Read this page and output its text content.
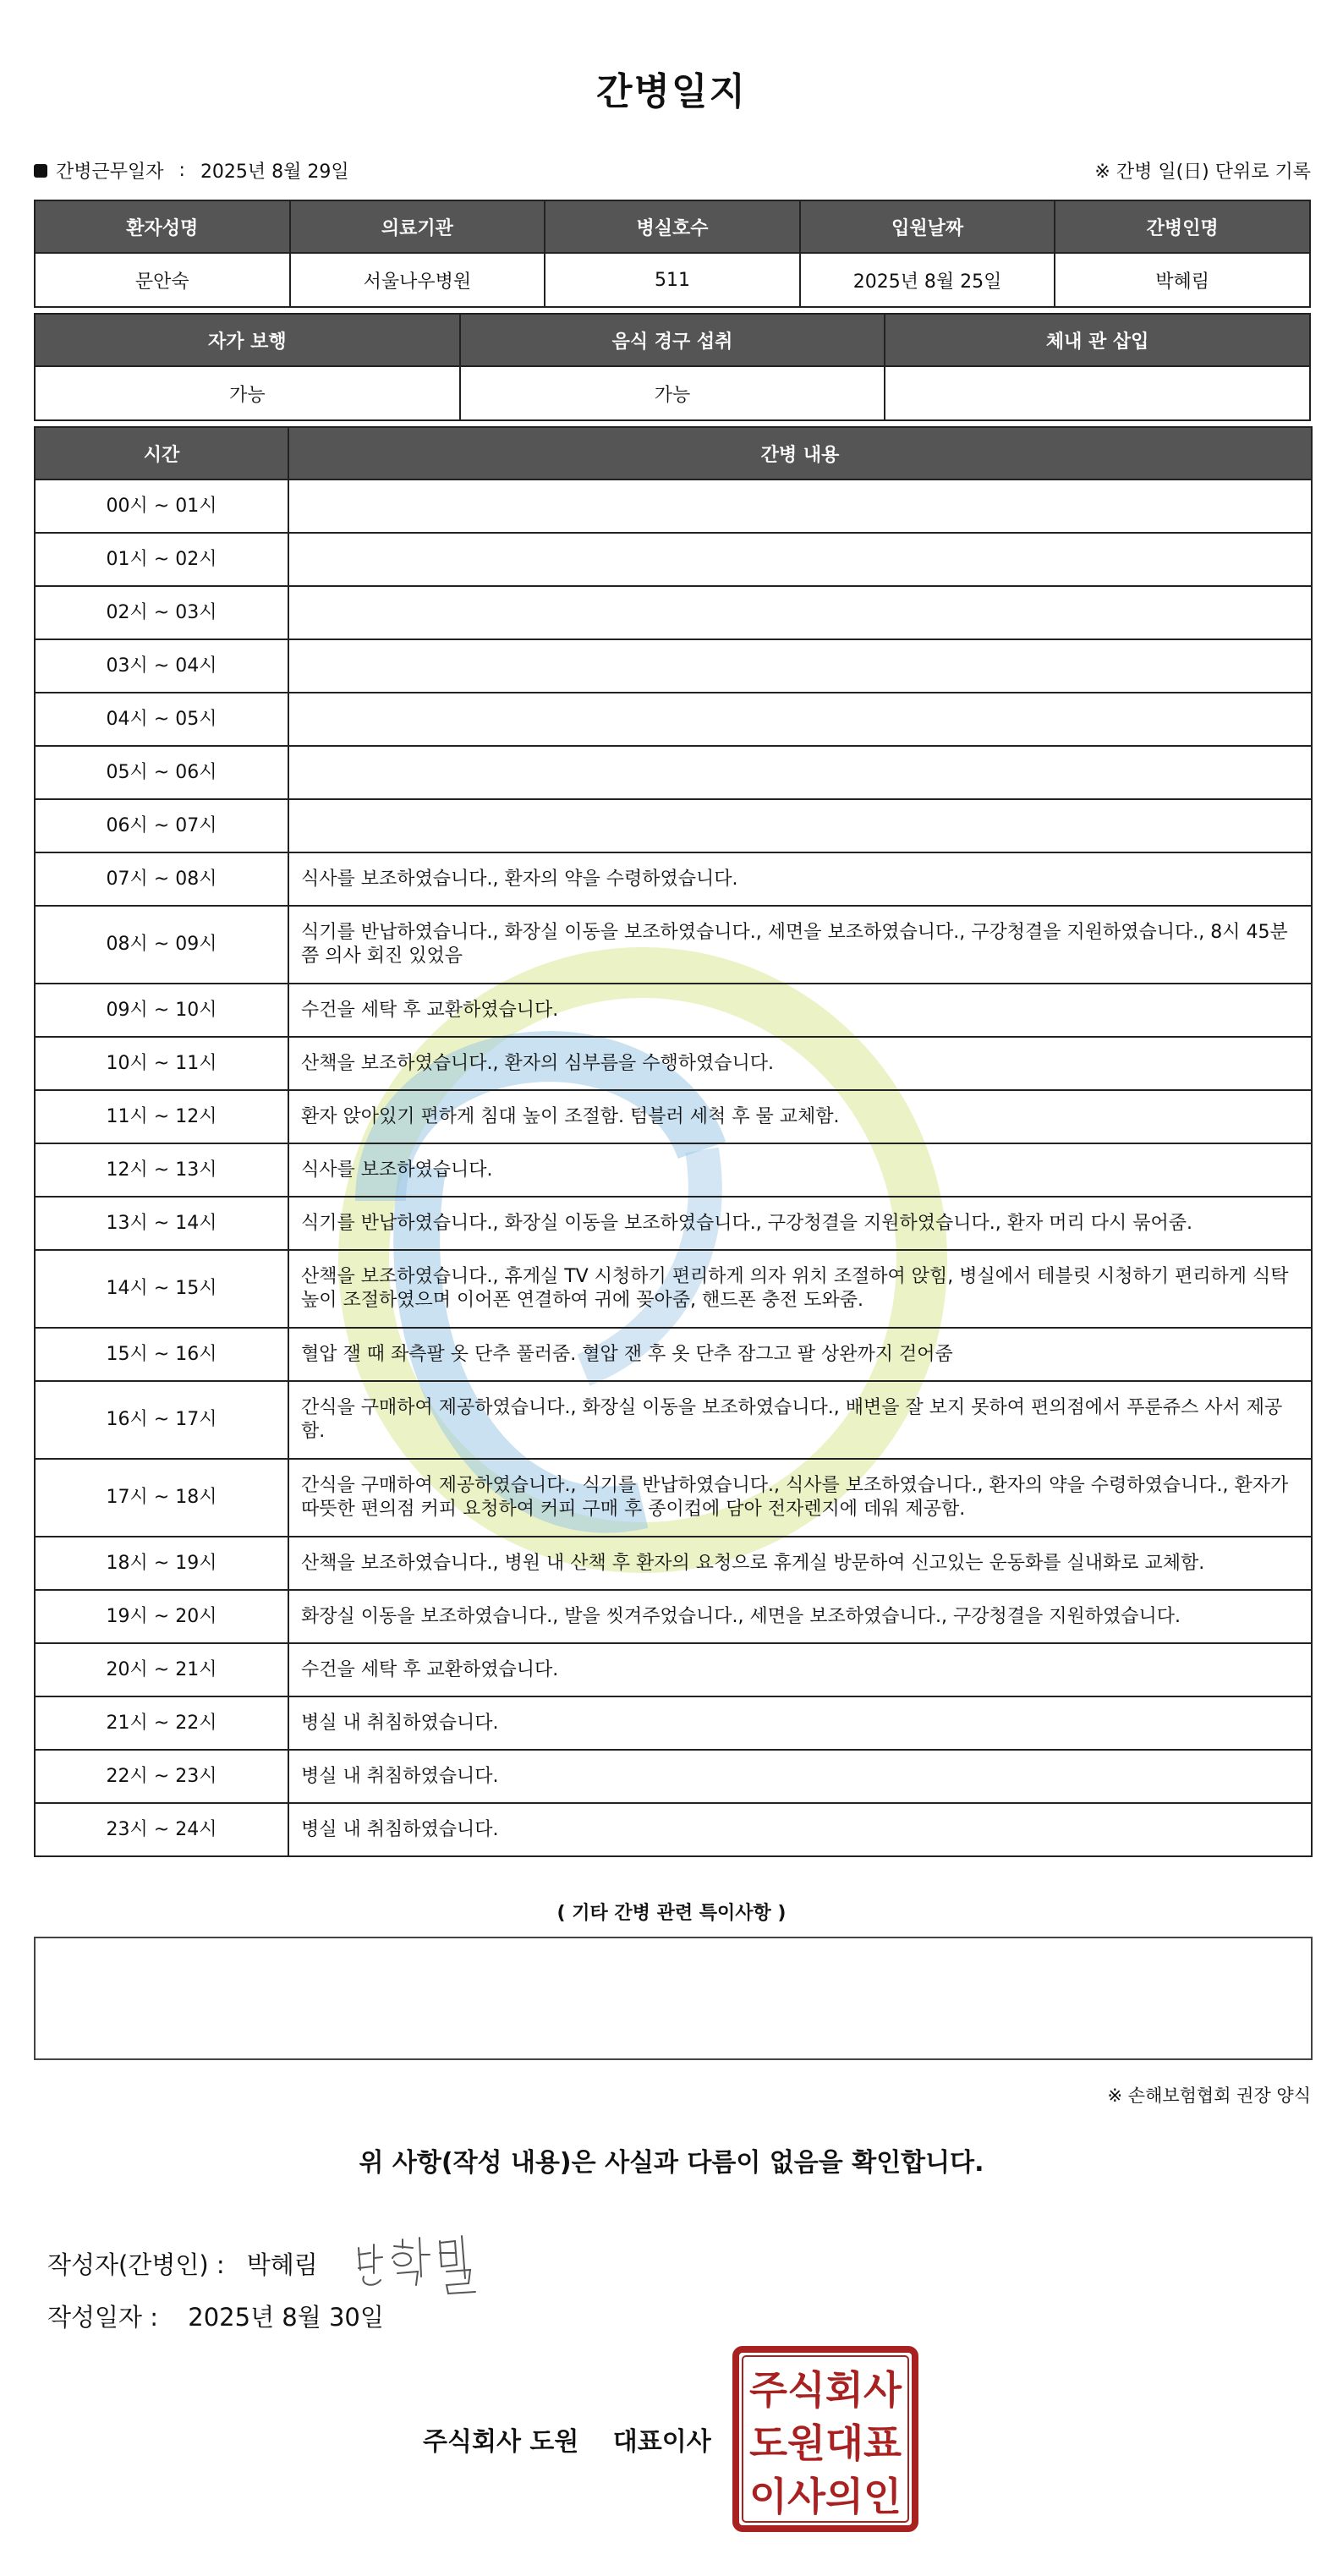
간병일지
간병근무일자 : 2025년 8월 29일	※ 간병 일(日) 단위로 기록
환자성명	의료기관	병실호수	입원날짜	간병인명
문안숙	서울나우병원	511	2025년 8월 25일	박혜림
자가 보행	음식 경구 섭취	체내 관 삽입
가능	가능	
시간	간병 내용
00시 ~ 01시	
01시 ~ 02시	
02시 ~ 03시	
03시 ~ 04시	
04시 ~ 05시	
05시 ~ 06시	
06시 ~ 07시	
07시 ~ 08시	식사를 보조하였습니다., 환자의 약을 수령하였습니다.
08시 ~ 09시	식기를 반납하였습니다., 화장실 이동을 보조하였습니다., 세면을 보조하였습니다., 구강청결을 지원하였습니다., 8시 45분쯤 의사 회진 있었음
09시 ~ 10시	수건을 세탁 후 교환하였습니다.
10시 ~ 11시	산책을 보조하였습니다., 환자의 심부름을 수행하였습니다.
11시 ~ 12시	환자 앉아있기 편하게 침대 높이 조절함. 텀블러 세척 후 물 교체함.
12시 ~ 13시	식사를 보조하였습니다.
13시 ~ 14시	식기를 반납하였습니다., 화장실 이동을 보조하였습니다., 구강청결을 지원하였습니다., 환자 머리 다시 묶어줌.
14시 ~ 15시	산책을 보조하였습니다., 휴게실 TV 시청하기 편리하게 의자 위치 조절하여 앉힘, 병실에서 테블릿 시청하기 편리하게 식탁 높이 조절하였으며 이어폰 연결하여 귀에 꽂아줌, 핸드폰 충전 도와줌.
15시 ~ 16시	혈압 잴 때 좌측팔 옷 단추 풀러줌. 혈압 잰 후 옷 단추 잠그고 팔 상완까지 걷어줌
16시 ~ 17시	간식을 구매하여 제공하였습니다., 화장실 이동을 보조하였습니다., 배변을 잘 보지 못하여 편의점에서 푸룬쥬스 사서 제공함.
17시 ~ 18시	간식을 구매하여 제공하였습니다., 식기를 반납하였습니다., 식사를 보조하였습니다., 환자의 약을 수령하였습니다., 환자가 따뜻한 편의점 커피 요청하여 커피 구매 후 종이컵에 담아 전자렌지에 데워 제공함.
18시 ~ 19시	산책을 보조하였습니다., 병원 내 산책 후 환자의 요청으로 휴게실 방문하여 신고있는 운동화를 실내화로 교체함.
19시 ~ 20시	화장실 이동을 보조하였습니다., 발을 씻겨주었습니다., 세면을 보조하였습니다., 구강청결을 지원하였습니다.
20시 ~ 21시	수건을 세탁 후 교환하였습니다.
21시 ~ 22시	병실 내 취침하였습니다.
22시 ~ 23시	병실 내 취침하였습니다.
23시 ~ 24시	병실 내 취침하였습니다.
( 기타 간병 관련 특이사항 )
※ 손해보험협회 권장 양식
위 사항(작성 내용)은 사실과 다름이 없음을 확인합니다.
작성자(간병인) : 박혜림
작성일자 : 2025년 8월 30일
주식회사 도원 대표이사
주식회사
도원대표
이사의인
